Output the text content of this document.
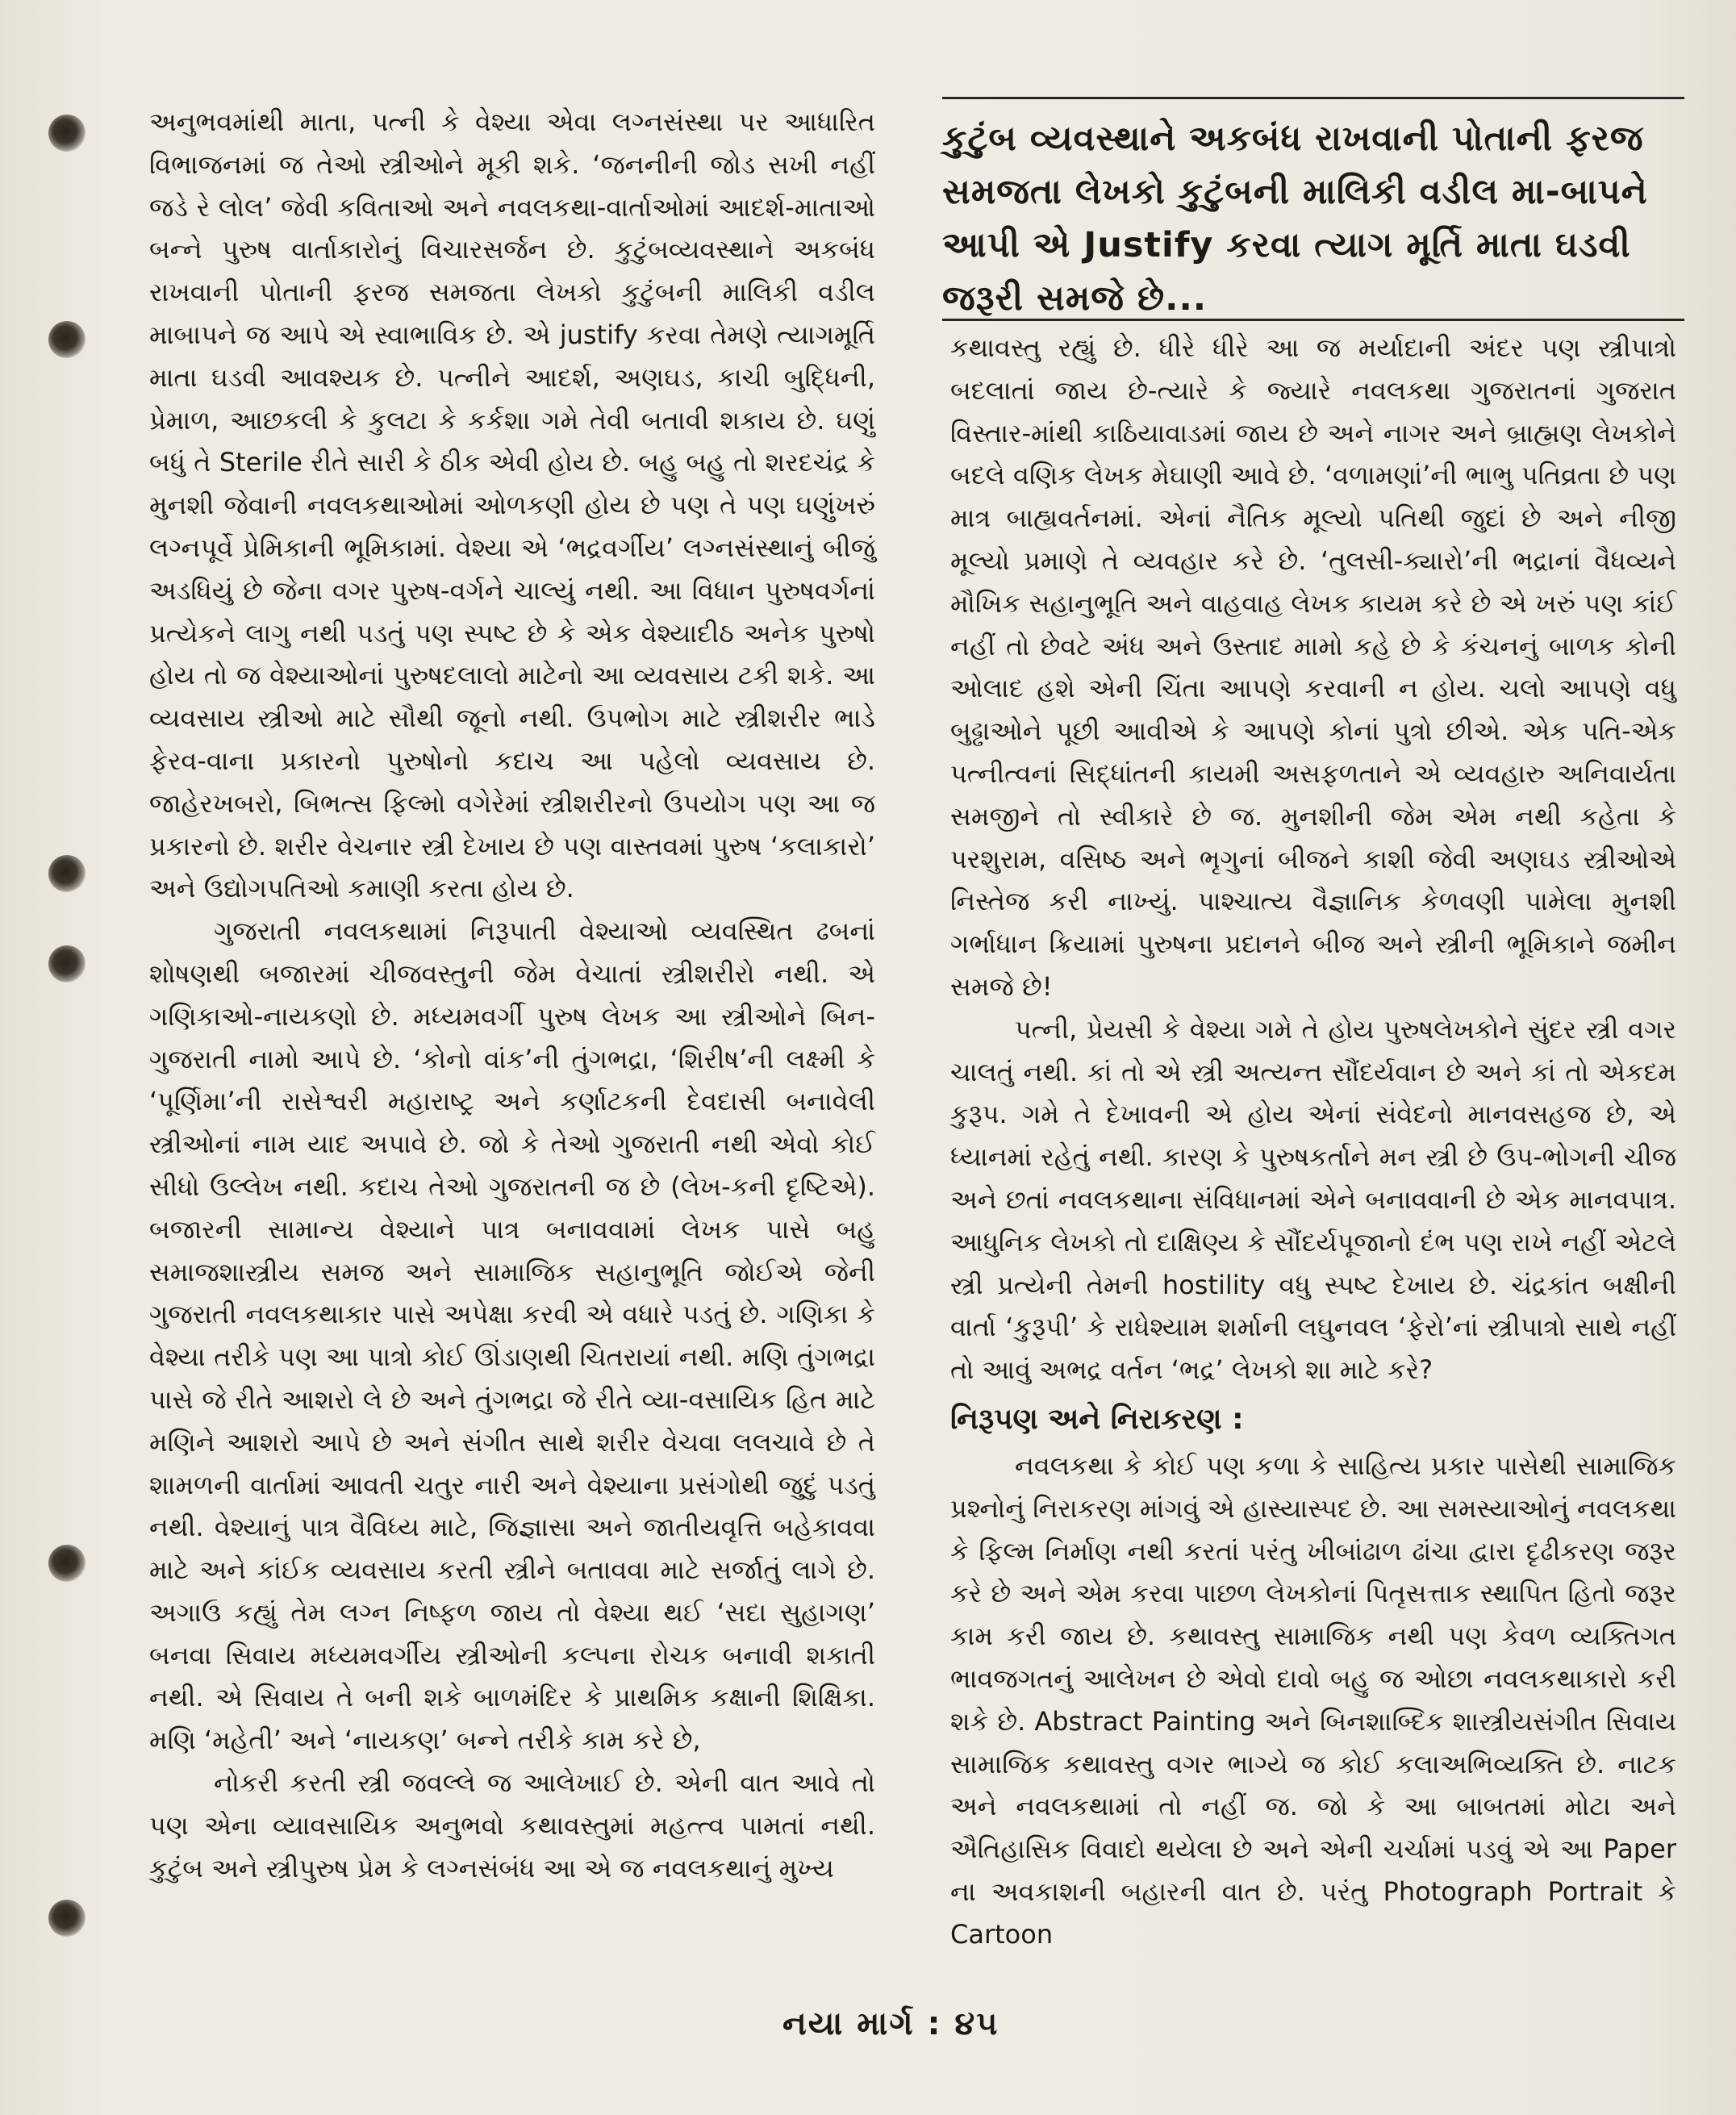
અનુભવમાંથી માતા, પત્ની કે વેશ્યા એવા લગ્નસંસ્થા પર આધારિત વિભાજનમાં જ તેઓ સ્ત્રીઓને મૂકી શકે. ‘જનનીની જોડ સખી નહીં જડે રે લોલ’ જેવી કવિતાઓ અને નવલકથા-વાર્તાઓમાં આદર્શ-માતાઓ બન્ને પુરુષ વાર્તાકારોનું વિચારસર્જન છે. કુટુંબવ્યવસ્થાને અકબંધ રાખવાની પોતાની ફરજ સમજતા લેખકો કુટુંબની માલિકી વડીલ માબાપને જ આપે એ સ્વાભાવિક છે. એ justify કરવા તેમણે ત્યાગમૂર્તિ માતા ઘડવી આવશ્યક છે. પત્નીને આદર્શ, અણઘડ, કાચી બુદ્ધિની, પ્રેમાળ, આછકલી કે કુલટા કે કર્કશા ગમે તેવી બતાવી શકાય છે. ઘણું બધું તે Sterile રીતે સારી કે ઠીક એવી હોય છે. બહુ બહુ તો શરદચંદ્ર કે મુનશી જેવાની નવલકથાઓમાં ઓળકણી હોય છે પણ તે પણ ઘણુંખરું લગ્નપૂર્વે પ્રેમિકાની ભૂમિકામાં. વેશ્યા એ ‘ભદ્રવર્ગીય’ લગ્નસંસ્થાનું બીજું અડધિયું છે જેના વગર પુરુષ-વર્ગને ચાલ્યું નથી. આ વિધાન પુરુષવર્ગનાં પ્રત્યેકને લાગુ નથી પડતું પણ સ્પષ્ટ છે કે એક વેશ્યાદીઠ અનેક પુરુષો હોય તો જ વેશ્યાઓનાં પુરુષદલાલો માટેનો આ વ્યવસાય ટકી શકે. આ વ્યવસાય સ્ત્રીઓ માટે સૌથી જૂનો નથી. ઉપભોગ માટે સ્ત્રીશરીર ભાડે ફેરવ-વાના પ્રકારનો પુરુષોનો કદાચ આ પહેલો વ્યવસાય છે. જાહેરખબરો, બિભત્સ ફિલ્મો વગેરેમાં સ્ત્રીશરીરનો ઉપયોગ પણ આ જ પ્રકારનો છે. શરીર વેચનાર સ્ત્રી દેખાય છે પણ વાસ્તવમાં પુરુષ ‘કલાકારો’ અને ઉદ્યોગપતિઓ કમાણી કરતા હોય છે.

ગુજરાતી નવલકથામાં નિરૂપાતી વેશ્યાઓ વ્યવસ્થિત ઢબનાં શોષણથી બજારમાં ચીજવસ્તુની જેમ વેચાતાં સ્ત્રીશરીરો નથી. એ ગણિકાઓ-નાયકણો છે. મધ્યમવર્ગી પુરુષ લેખક આ સ્ત્રીઓને બિન-ગુજરાતી નામો આપે છે. ‘કોનો વાંક’ની તુંગભદ્રા, ‘શિરીષ’ની લક્ષ્મી કે ‘પૂર્ણિમા’ની રાસેશ્વરી મહારાષ્ટ્ર અને કર્ણાટકની દેવદાસી બનાવેલી સ્ત્રીઓનાં નામ યાદ અપાવે છે. જો કે તેઓ ગુજરાતી નથી એવો કોઈ સીધો ઉલ્લેખ નથી. કદાચ તેઓ ગુજરાતની જ છે (લેખ-કની દૃષ્ટિએ). બજારની સામાન્ય વેશ્યાને પાત્ર બનાવવામાં લેખક પાસે બહુ સમાજશાસ્ત્રીય સમજ અને સામાજિક સહાનુભૂતિ જોઈએ જેની ગુજરાતી નવલકથાકાર પાસે અપેક્ષા કરવી એ વધારે પડતું છે. ગણિકા કે વેશ્યા તરીકે પણ આ પાત્રો કોઈ ઊંડાણથી ચિતરાયાં નથી. મણિ તુંગભદ્રા પાસે જે રીતે આશરો લે છે અને તુંગભદ્રા જે રીતે વ્યા-વસાયિક હિત માટે મણિને આશરો આપે છે અને સંગીત સાથે શરીર વેચવા લલચાવે છે તે શામળની વાર્તામાં આવતી ચતુર નારી અને વેશ્યાના પ્રસંગોથી જુદું પડતું નથી. વેશ્યાનું પાત્ર વૈવિધ્ય માટે, જિજ્ઞાસા અને જાતીયવૃત્તિ બહેકાવવા માટે અને કાંઈક વ્યવસાય કરતી સ્ત્રીને બતાવવા માટે સર્જાતું લાગે છે. અગાઉ કહ્યું તેમ લગ્ન નિષ્ફળ જાય તો વેશ્યા થઈ ‘સદા સુહાગણ’ બનવા સિવાય મધ્યમવર્ગીય સ્ત્રીઓની કલ્પના રોચક બનાવી શકાતી નથી. એ સિવાય તે બની શકે બાળમંદિર કે પ્રાથમિક કક્ષાની શિક્ષિકા. મણિ ‘મહેતી’ અને ‘નાયકણ’ બન્ને તરીકે કામ કરે છે,

નોકરી કરતી સ્ત્રી જવલ્લે જ આલેખાઈ છે. એની વાત આવે તો પણ એના વ્યાવસાયિક અનુભવો કથાવસ્તુમાં મહત્ત્વ પામતાં નથી. કુટુંબ અને સ્ત્રીપુરુષ પ્રેમ કે લગ્નસંબંધ આ એ જ નવલકથાનું મુખ્ય

કુટુંબ વ્યવસ્થાને અકબંધ રાખવાની પોતાની ફરજ સમજતા લેખકો કુટુંબની માલિકી વડીલ મા-બાપને આપી એ Justify કરવા ત્યાગ મૂર્તિ માતા ઘડવી જરૂરી સમજે છે...

કથાવસ્તુ રહ્યું છે. ધીરે ધીરે આ જ મર્યાદાની અંદર પણ સ્ત્રીપાત્રો બદલાતાં જાય છે-ત્યારે કે જ્યારે નવલકથા ગુજરાતનાં ગુજરાત વિસ્તાર-માંથી કાઠિયાવાડમાં જાય છે અને નાગર અને બ્રાહ્મણ લેખકોને બદલે વણિક લેખક મેઘાણી આવે છે. ‘વળામણાં’ની ભાભુ પતિવ્રતા છે પણ માત્ર બાહ્યવર્તનમાં. એનાં નૈતિક મૂલ્યો પતિથી જુદાં છે અને નીજી મૂલ્યો પ્રમાણે તે વ્યવહાર કરે છે. ‘તુલસી-ક્યારો’ની ભદ્રાનાં વૈધવ્યને મૌખિક સહાનુભૂતિ અને વાહવાહ લેખક કાયમ કરે છે એ ખરું પણ કાંઈ નહીં તો છેવટે અંધ અને ઉસ્તાદ મામો કહે છે કે કંચનનું બાળક કોની ઓલાદ હશે એની ચિંતા આપણે કરવાની ન હોય. ચલો આપણે વધુ બુઢ્ઢાઓને પૂછી આવીએ કે આપણે કોનાં પુત્રો છીએ. એક પતિ-એક પત્નીત્વનાં સિદ્ધાંતની કાયમી અસફળતાને એ વ્યવહારુ અનિવાર્યતા સમજીને તો સ્વીકારે છે જ. મુનશીની જેમ એમ નથી કહેતા કે પરશુરામ, વસિષ્ઠ અને ભૃગુનાં બીજને કાશી જેવી અણઘડ સ્ત્રીઓએ નિસ્તેજ કરી નાખ્યું. પાશ્ચાત્ય વૈજ્ઞાનિક કેળવણી પામેલા મુનશી ગર્ભાધાન ક્રિયામાં પુરુષના પ્રદાનને બીજ અને સ્ત્રીની ભૂમિકાને જમીન સમજે છે!

પત્ની, પ્રેયસી કે વેશ્યા ગમે તે હોય પુરુષલેખકોને સુંદર સ્ત્રી વગર ચાલતું નથી. કાં તો એ સ્ત્રી અત્યન્ત સૌંદર્યવાન છે અને કાં તો એકદમ કુરૂપ. ગમે તે દેખાવની એ હોય એનાં સંવેદનો માનવસહજ છે, એ ધ્યાનમાં રહેતું નથી. કારણ કે પુરુષકર્તાને મન સ્ત્રી છે ઉપ-ભોગની ચીજ અને છતાં નવલકથાના સંવિધાનમાં એને બનાવવાની છે એક માનવપાત્ર. આધુનિક લેખકો તો દાક્ષિણ્ય કે સૌંદર્યપૂજાનો દંભ પણ રાખે નહીં એટલે સ્ત્રી પ્રત્યેની તેમની hostility વધુ સ્પષ્ટ દેખાય છે. ચંદ્રકાંત બક્ષીની વાર્તા ‘કુરૂપી’ કે રાધેશ્યામ શર્માની લઘુનવલ ‘ફેરો’નાં સ્ત્રીપાત્રો સાથે નહીં તો આવું અભદ્ર વર્તન ‘ભદ્ર’ લેખકો શા માટે કરે?

નિરૂપણ અને નિરાકરણ :

નવલકથા કે કોઈ પણ કળા કે સાહિત્ય પ્રકાર પાસેથી સામાજિક પ્રશ્નોનું નિરાકરણ માંગવું એ હાસ્યાસ્પદ છે. આ સમસ્યાઓનું નવલકથા કે ફિલ્મ નિર્માણ નથી કરતાં પરંતુ ખીબાંઢાળ ઢાંચા દ્વારા દૃઢીકરણ જરૂર કરે છે અને એમ કરવા પાછળ લેખકોનાં પિતૃસત્તાક સ્થાપિત હિતો જરૂર કામ કરી જાય છે. કથાવસ્તુ સામાજિક નથી પણ કેવળ વ્યક્તિગત ભાવજગતનું આલેખન છે એવો દાવો બહુ જ ઓછા નવલકથાકારો કરી શકે છે. Abstract Painting અને બિનશાબ્દિક શાસ્ત્રીયસંગીત સિવાય સામાજિક કથાવસ્તુ વગર ભાગ્યે જ કોઈ કલાઅભિવ્યક્તિ છે. નાટક અને નવલકથામાં તો નહીં જ. જો કે આ બાબતમાં મોટા અને ઐતિહાસિક વિવાદો થયેલા છે અને એની ચર્ચામાં પડવું એ આ Paper ના અવકાશની બહારની વાત છે. પરંતુ Photograph Portrait કે Cartoon

નયા માર્ગ : ૪૫
